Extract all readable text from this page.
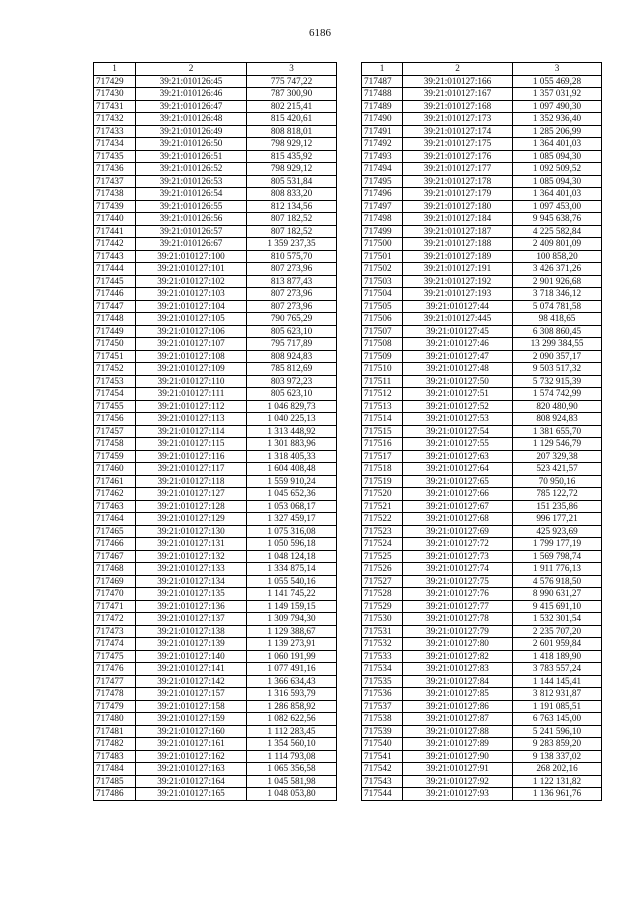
6186
1	2	3
717429	39:21:010126:45	775 747,22
717430	39:21:010126:46	787 300,90
717431	39:21:010126:47	802 215,41
717432	39:21:010126:48	815 420,61
717433	39:21:010126:49	808 818,01
717434	39:21:010126:50	798 929,12
717435	39:21:010126:51	815 435,92
717436	39:21:010126:52	798 929,12
717437	39:21:010126:53	805 531,84
717438	39:21:010126:54	808 833,20
717439	39:21:010126:55	812 134,56
717440	39:21:010126:56	807 182,52
717441	39:21:010126:57	807 182,52
717442	39:21:010126:67	1 359 237,35
717443	39:21:010127:100	810 575,70
717444	39:21:010127:101	807 273,96
717445	39:21:010127:102	813 877,43
717446	39:21:010127:103	807 273,96
717447	39:21:010127:104	807 273,96
717448	39:21:010127:105	790 765,29
717449	39:21:010127:106	805 623,10
717450	39:21:010127:107	795 717,89
717451	39:21:010127:108	808 924,83
717452	39:21:010127:109	785 812,69
717453	39:21:010127:110	803 972,23
717454	39:21:010127:111	805 623,10
717455	39:21:010127:112	1 046 829,73
717456	39:21:010127:113	1 040 225,13
717457	39:21:010127:114	1 313 448,92
717458	39:21:010127:115	1 301 883,96
717459	39:21:010127:116	1 318 405,33
717460	39:21:010127:117	1 604 408,48
717461	39:21:010127:118	1 559 910,24
717462	39:21:010127:127	1 045 652,36
717463	39:21:010127:128	1 053 068,17
717464	39:21:010127:129	1 327 459,17
717465	39:21:010127:130	1 075 316,08
717466	39:21:010127:131	1 050 596,18
717467	39:21:010127:132	1 048 124,18
717468	39:21:010127:133	1 334 875,14
717469	39:21:010127:134	1 055 540,16
717470	39:21:010127:135	1 141 745,22
717471	39:21:010127:136	1 149 159,15
717472	39:21:010127:137	1 309 794,30
717473	39:21:010127:138	1 129 388,67
717474	39:21:010127:139	1 139 273,91
717475	39:21:010127:140	1 060 191,99
717476	39:21:010127:141	1 077 491,16
717477	39:21:010127:142	1 366 634,43
717478	39:21:010127:157	1 316 593,79
717479	39:21:010127:158	1 286 858,92
717480	39:21:010127:159	1 082 622,56
717481	39:21:010127:160	1 112 283,45
717482	39:21:010127:161	1 354 560,10
717483	39:21:010127:162	1 114 793,08
717484	39:21:010127:163	1 065 356,58
717485	39:21:010127:164	1 045 581,98
717486	39:21:010127:165	1 048 053,80
1	2	3
717487	39:21:010127:166	1 055 469,28
717488	39:21:010127:167	1 357 031,92
717489	39:21:010127:168	1 097 490,30
717490	39:21:010127:173	1 352 936,40
717491	39:21:010127:174	1 285 206,99
717492	39:21:010127:175	1 364 401,03
717493	39:21:010127:176	1 085 094,30
717494	39:21:010127:177	1 092 509,52
717495	39:21:010127:178	1 085 094,30
717496	39:21:010127:179	1 364 401,03
717497	39:21:010127:180	1 097 453,00
717498	39:21:010127:184	9 945 638,76
717499	39:21:010127:187	4 225 582,84
717500	39:21:010127:188	2 409 801,09
717501	39:21:010127:189	100 858,20
717502	39:21:010127:191	3 426 371,26
717503	39:21:010127:192	2 901 926,68
717504	39:21:010127:193	3 718 346,12
717505	39:21:010127:44	5 074 781,58
717506	39:21:010127:445	98 418,65
717507	39:21:010127:45	6 308 860,45
717508	39:21:010127:46	13 299 384,55
717509	39:21:010127:47	2 090 357,17
717510	39:21:010127:48	9 503 517,32
717511	39:21:010127:50	5 732 915,39
717512	39:21:010127:51	1 574 742,99
717513	39:21:010127:52	820 480,90
717514	39:21:010127:53	808 924,83
717515	39:21:010127:54	1 381 655,70
717516	39:21:010127:55	1 129 546,79
717517	39:21:010127:63	207 329,38
717518	39:21:010127:64	523 421,57
717519	39:21:010127:65	70 950,16
717520	39:21:010127:66	785 122,72
717521	39:21:010127:67	151 235,86
717522	39:21:010127:68	996 177,21
717523	39:21:010127:69	425 923,69
717524	39:21:010127:72	1 799 177,19
717525	39:21:010127:73	1 569 798,74
717526	39:21:010127:74	1 911 776,13
717527	39:21:010127:75	4 576 918,50
717528	39:21:010127:76	8 990 631,27
717529	39:21:010127:77	9 415 691,10
717530	39:21:010127:78	1 532 301,54
717531	39:21:010127:79	2 235 707,20
717532	39:21:010127:80	2 601 959,84
717533	39:21:010127:82	1 418 189,90
717534	39:21:010127:83	3 783 557,24
717535	39:21:010127:84	1 144 145,41
717536	39:21:010127:85	3 812 931,87
717537	39:21:010127:86	1 191 085,51
717538	39:21:010127:87	6 763 145,00
717539	39:21:010127:88	5 241 596,10
717540	39:21:010127:89	9 283 859,20
717541	39:21:010127:90	9 138 337,02
717542	39:21:010127:91	268 202,16
717543	39:21:010127:92	1 122 131,82
717544	39:21:010127:93	1 136 961,76
